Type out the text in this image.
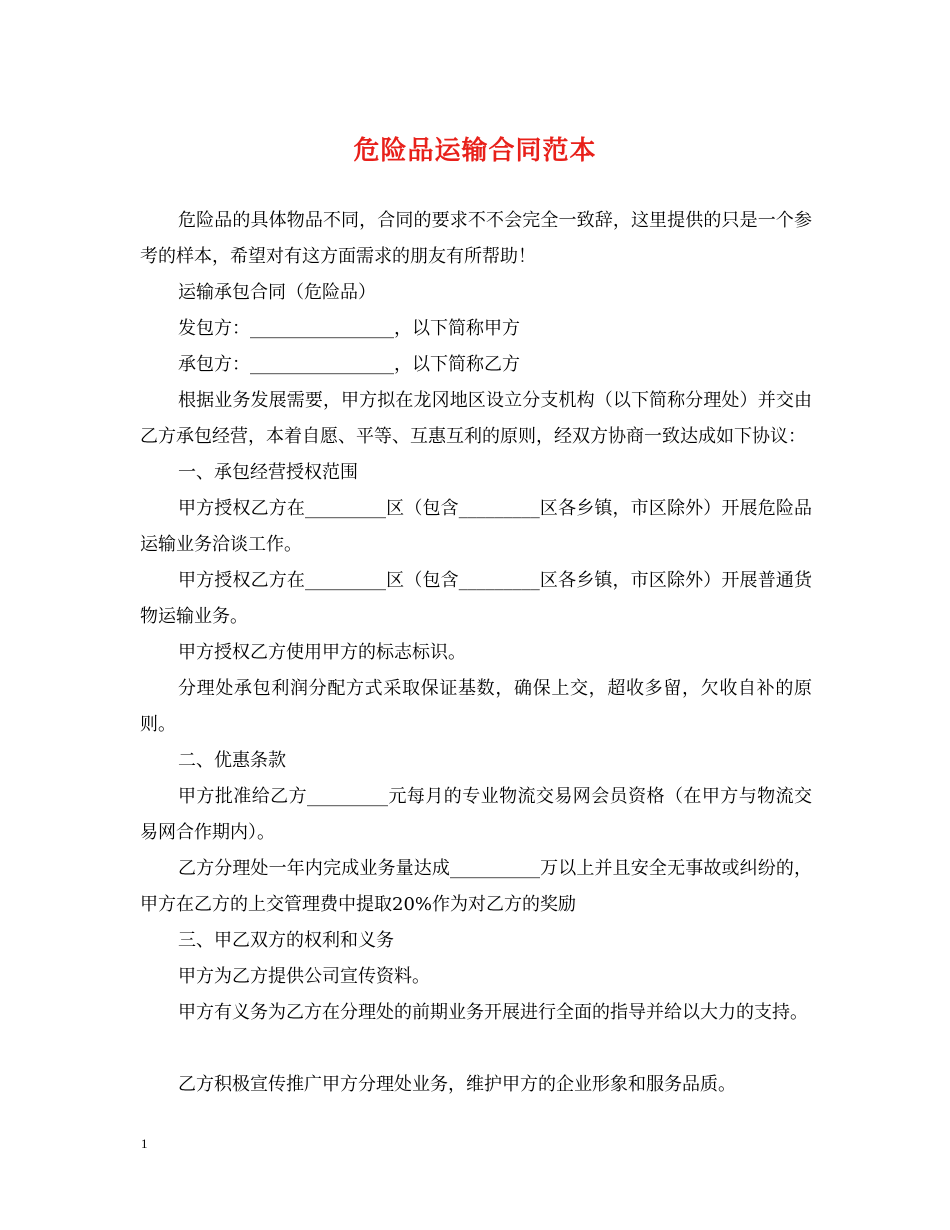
危险品运输合同范本

危险品的具体物品不同，合同的要求不不会完全一致辞，这里提供的只是一个参考的样本，希望对有这方面需求的朋友有所帮助！

运输承包合同（危险品）

发包方：________________，以下简称甲方

承包方：________________，以下简称乙方

根据业务发展需要，甲方拟在龙冈地区设立分支机构（以下简称分理处）并交由乙方承包经营，本着自愿、平等、互惠互利的原则，经双方协商一致达成如下协议：

一、承包经营授权范围

甲方授权乙方在_________区（包含_________区各乡镇，市区除外）开展危险品运输业务洽谈工作。

甲方授权乙方在_________区（包含_________区各乡镇，市区除外）开展普通货物运输业务。

甲方授权乙方使用甲方的标志标识。

分理处承包利润分配方式采取保证基数，确保上交，超收多留，欠收自补的原则。

二、优惠条款

甲方批准给乙方_________元每月的专业物流交易网会员资格（在甲方与物流交易网合作期内）。

乙方分理处一年内完成业务量达成__________万以上并且安全无事故或纠纷的，甲方在乙方的上交管理费中提取20%作为对乙方的奖励

三、甲乙双方的权利和义务

甲方为乙方提供公司宣传资料。

甲方有义务为乙方在分理处的前期业务开展进行全面的指导并给以大力的支持。

乙方积极宣传推广甲方分理处业务，维护甲方的企业形象和服务品质。

1
